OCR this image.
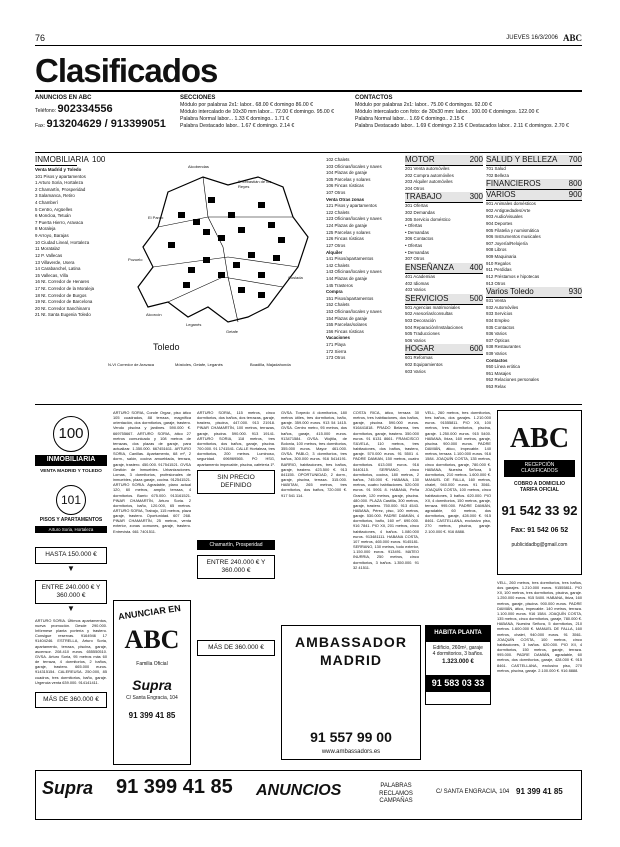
76	JUEVES 16/3/2006 ABC
Clasificados
ANUNCIOS EN ABC
Teléfono: 902334556
Fax: 913204629 / 913399051
SECCIONES
Módulo por palabras 2x1: labor.. 68.00 € domingo 86.00 €
Módulo intercalado de 10x30 mm labor... 72.00 € domingo. 95.00 €
Palabra Normal labor... 1.33 € domingo.. 1.71 €
Palabra Destacado labor.. 1.67 € domingo. 2.14 €
CONTACTOS
Módulo por palabras 2x1: labor.. 75.00 € domingos. 92.00 €
Módulo intercalado con foto: de 30x30 mm: labor.. 100.00 € domingos. 122.00 €
Palabra Normal labor... 1.69 € domingo.. 2.15 €
Palabra Destacado labor.. 1.69 € domingo 2.15 € Destacados labor.. 2.11 € domingos. 2.70 €
INMOBILIARIA 100
Venta Madrid y Toledo
101 Pisos y apartamentos
1 Arturo Soria, Hortaleza
2 Chamartín, Prosperidad
3 Salamanca, Retiro
4 Chamberí
5 Centro, Argüelles
6 Moncloa, Tetuán
7 Puerta Hierro, Aravaca
8 Moraleja
9 Arroyo, Barajas
10 Ciudad Lineal, Hortaleza
11 Moratalaz
12 P. Vallecas
13 Villaverde, Usera
14 Carabanchel, Latina
15 Vallecas, Villa
16 Nt. Corredor de Henares
17 Nt. Corredor de la Moraleja
18 Nt. Corredor de Burgos
19 Nt. Corredor de Barcelona
20 Nt. Corredor Sanchinarro
21 Nt. Santa Eugenia Toledo
Alcobendas
S.Sebastián de los Reyes
El Pardo
Pozuelo
Alcorcón
Leganés
Getafe
Coslada
Toledo
N-VI Corredor de Aravaca	Móstoles, Getafe, Leganés	Boadilla, Majadahonda
102 Chalets
103 Oficinas/locales y naves
104 Plazas de garaje
105 Parcelas y solares
106 Fincas rústicas
107 Otros
Venta Otras zonas
121 Pisos y apartamentos
122 Chalets
123 Oficinas/locales y naves
124 Plazas de garaje
125 Parcelas y solares
126 Fincas rústicas
127 Otros
Alquiler
141 Pisos/apartamentos
142 Chalets
143 Oficinas/locales y naves
144 Plazas de garaje
145 Trasteros
Compra
151 Pisos/apartamentos
152 Chalets
153 Oficinas/locales y naves
154 Plazas de garaje
155 Parcelas/solares
156 Fincas rústicas
Vacaciones
171 Playa
172 Sierra
173 Otros
MOTOR	200
201 Venta automóviles
202 Compra automóviles
203 Alquiler automóviles
204 Otros
TRABAJO	300
301 Ofertas
302 Demandas
305 Servicio doméstico
• Ofertas
• Demandas
306 Contactos
• Ofertas
• Demandas
307 Otros
ENSEÑANZA 400
401 Academias
402 Idiomas
403 Varios
SERVICIOS	500
501 Agencias matrimoniales
502 Asesorías/consultas
503 Decoración
504 Reparación/Instalaciones
505 Traducciones
506 Varios
HOGAR	600
601 Reformas
602 Equipamientos
603 Varios
SALUD Y BELLEZA 700
701 Salud
702 Belleza
FINANCIEROS	800
VARIOS	900
901 Animales domésticos
902 Antigüedades/Arte
903 Audio/visuales
904 Deportes
905 Filatelia y numismática
906 Instrumentos musicales
907 Joyería/Relojería
908 Libros
909 Maquinaria
910 Regalos
911 Perdidas
912 Préstamos e hipotecas
913 Otros
Varios Toledo	930
931 Venta
932 Automóviles
933 Servicios
934 Empleo
935 Contactos
936 Varios
937 Ópticas
938 Restaurantes
939 Varios
Contactos
950 Línea erótica
951 Masajes
952 Relaciones personales
953 Relax
100
INMOBILIARIA
VENTA MADRID Y TOLEDO
101
PISOS Y APARTAMENTOS
Arturo Soria, Hortaleza
HASTA 150.000 €
▼
ENTRE 240.000 € Y 360.000 €
▼
ARTURO SORIA. Últimos apartamentos, nueva promoción. Desde 290.000. Infórmese planta portería y trastero. Consigue reservas. 9164946 17 91404246. ESTRELLA, Arturo Soria, apartamento, terraza, piscina, garaje, ascensor. 208.410 euros. 655550510. GVSA. Arturo Soria, 95 metros más 60 de terraza, 4 dormitorios, 2 baños, garaje, trastero. 665.000 euros. 914315154. CALEREUSA. 250.000, 85 cuadros, tres dormitorios, baño, garaje. Urgencia venta 639.000. 914141411.
MÁS DE 360.000 €
ARTURO SORIA, Conde Orgaz, piso ático 105 cuadrados, 88 terraza, magnífica orientación, dos dormitorios, garaje, trastero. Vendo piscina y jardines. 590.000 €. 669755667. ARTURO SORIA, ático 27 metros comunicado y 108 metros de terrazas, dos plazas de garaje, para actualizar. 1.350.000. 667451611. ARTURO SORIA, Canillas. Apartamento, 68 m², 2 dorm., salón, cocina amueblada, terraza, garaje, trastero. 450.000. 917541521. GVSA Gestión de Inmuebles. Urbanizaciones. Lomas, 3 dormitorios, profesionales de inmuebles, plaza garaje, cocina. 912541521. ARTURO SORIA. Agradable, plano actual 120, 60 metros, amplio terraza, 4 dormitorios. Barrio 675.000. 913161521. PINAR CHAMARTÍN, Arturo Soria. 2 dormitorios, baño, 120.000, 65 metros. ARTURO SORIA, Trabajo, 115 metros, plaza garaje, trastero. Oportunidad. 607 268. PINAR CHAMARTÍN, 25 metros, venta exterior, zonas comunes, garaje, trastero. Entrevista. 661 7401511.
ANUNCIAR EN
ABC
Familia Oficial
Supra
C/ Santa Engracia, 104
91 399 41 85
ARTURO SORIA, 115 metros, cinco dormitorios, dos baños, dos terrazas, garaje, trastero, piscina, 447.000. 913 21918. PINAR CHAMARTÍN, 100 metros, terrazas, garaje, piscina. 590.000. 913 19141. ARTURO SORIA, 118 metros, tres dormitorios, dos baños, garaje, piscina. 700.000. 91 1741541. CALLE Hortaleza, tres dormitorios, 200 metros. Luminoso, seguridad. 696969565. PO HSG, apartamento impecable, piscina, cafetería 1º.
SIN PRECIO DEFINIDO
Chamartín, Prosperidad
ENTRE 240.000 € Y 360.000 €
MÁS DE 360.000 €
GVSA. Torpedo 4 dormitorios, 180 metros útiles, tres dormitorios, baño, garaje. 359.000 euros. 913 54 1415. GVSA. Centro metro, 95 metros, dos baños, garaje, 415.000 euros. 913471584. GVSA. Wojtila, de Bolonia, 100 metros, tres dormitorios, 355.000 euros. Mayor 461.000. GVSA. PABLO, 3 dormitorios, tres baños, 300.000 euros. 916 5414191. BARRIO, habitaciones, tres baños, garaje, trastero. 423.500 €. 913 841155. OPORTUNIDAD, 2 dorm., garaje, piscina, terraza. 315.000. HABITAN, 265 metros, tres dormitorios, dos baños, 720.000 €. 917 541 114.
AMBASSADOR MADRID
91 557 99 00
www.ambassadors.es
COSTA RICA, ático, terraza 30 metros, tres habitaciones, dos baños, garaje, piscina. 590.000 euros. 916441818. PRADO Belarma, tres dormitorios, garaje, trastero. 350.000 euros. 91 6131 8661. FRANCISCO SILVELA, 110 metros, tres habitaciones, dos baños, trastero, garaje. 570.000 euros. 91 5501 4. PADRE DAMIAN, 150 metros, cuatro dormitorios. 613.000 euros. 916 5440115. SERRANO, cinco dormitorios, cocina, 180 metros, 2 baños, 745.000 €. HABANA, 130 metros, cuatro habitaciones. 520.000 euros. 91 5901 8. HABANA, Peña Grande, 120 metros, garaje, piscina. 480.000. PLAZA Castilla, 300 metros, garaje, trastero. 750.000. 913 4543. HABANA, Pérez, piso, 100 metros, garaje. 530.000. PADRE DAMIÁN, 4 dormitorios, baño, 160 m². 690.000. 916 7841. PIO XII, 201 metros, cinco habitaciones, 4 baños. 1.080.000 euros. 913481111. HABANA COSTA, 107 metros, 465.000 euros. 9145181. SERRANO, 130 metros, todo exterior, 1.150.000 euros. 913491. MATEO INURRIA, 250 metros, cinco dormitorios, 3 baños. 1.350.000. 91 32 41511.
VELL, 260 metros, tres dormitorios, tres baños, dos garajes. 1.210.000 euros. 91555811. PIO XII, 100 metros, tres dormitorios, piscina, garaje. 1.250.000 euros. 915 5400. HABANA, Ibiza, 160 metros, garaje, piscina. 900.000 euros. PADRE DAMIÁN, ático, impecable. 140 metros, terraza. 1.100.000 euros. 916 1584. JOAQUÍN COSTA, 135 metros, cinco dormitorios, garaje, 780.000 €. HABANA, Nuestra Señora, 5 dormitorios, 210 metros. 1.600.000 €. MANUEL DE FALLA, 160 metros, chalet, 940.000 euros. 91 3561. JOAQUÍN COSTA, 100 metros, cinco habitaciones, 3 baños. 620.000. PIO XII, 4 dormitorios, 150 metros, garaje, terraza. 995.000. PADRE DAMIÁN, agradable, 60 metros, dos dormitorios, garaje, 428.000 €. 915 8461. CASTELLANA, exclusivo piso, 270 metros, piscina, garaje. 2.100.000 €. 916 8888.
HABITA PLANTA
Edificio, 260m², garaje
4 dormitorios, 3 baños.
1.323.000 €
91 583 03 33
ABC
RECEPCIÓN CLASIFICADOS
COBRO A DOMICILIO
TARIFA OFICIAL
91 542 33 92
Fax: 91 542 06 52
publicidadbg@gmail.com
VELL, 260 metros, tres dormitorios, tres baños, dos garajes. 1.210.000 euros. 91555811. PIO XII, 100 metros, tres dormitorios, piscina, garaje. 1.250.000 euros. 915 5400. HABANA, Ibiza, 160 metros, garaje, piscina. 900.000 euros. PADRE DAMIÁN, ático, impecable. 140 metros, terraza. 1.100.000 euros. 916 1584. JOAQUÍN COSTA, 135 metros, cinco dormitorios, garaje, 780.000 €. HABANA, Nuestra Señora, 5 dormitorios, 210 metros. 1.600.000 €. MANUEL DE FALLA, 160 metros, chalet, 940.000 euros. 91 3561. JOAQUÍN COSTA, 100 metros, cinco habitaciones, 3 baños. 620.000. PIO XII, 4 dormitorios, 150 metros, garaje, terraza. 995.000. PADRE DAMIÁN, agradable, 60 metros, dos dormitorios, garaje, 428.000 €. 915 8461. CASTELLANA, exclusivo piso, 270 metros, piscina, garaje. 2.100.000 €. 916 8888.
Supra 91 399 41 85 ANUNCIOS	PALABRAS RECLAMOS CAMPAÑAS
C/ SANTA ENGRACIA, 104 91 399 41 85
